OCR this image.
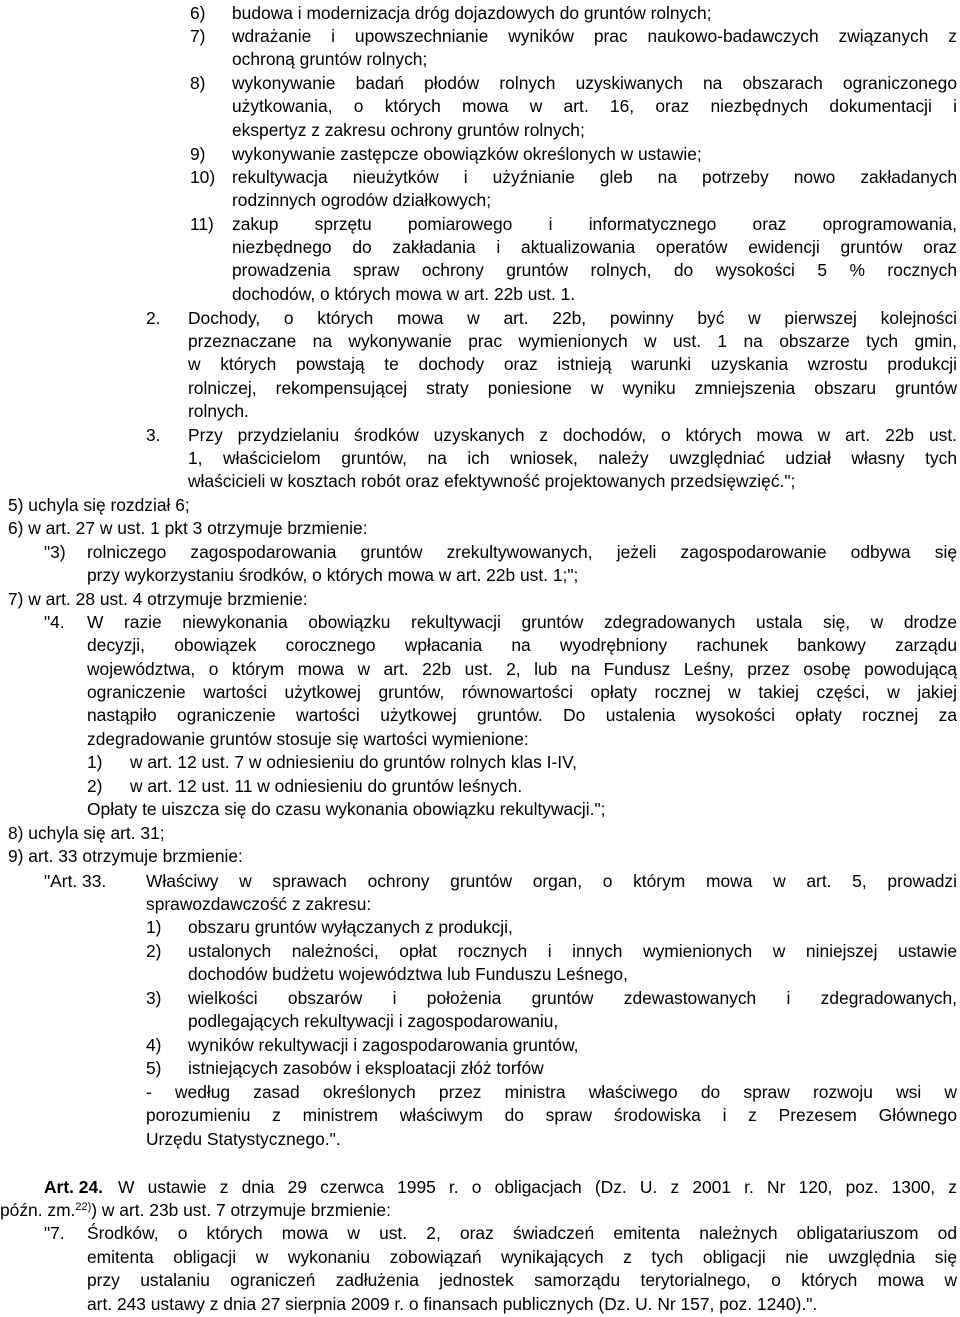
6) budowa i modernizacja dróg dojazdowych do gruntów rolnych;
7) wdrażanie i upowszechnianie wyników prac naukowo-badawczych związanych z
ochroną gruntów rolnych;
8) wykonywanie badań płodów rolnych uzyskiwanych na obszarach ograniczonego
użytkowania, o których mowa w art. 16, oraz niezbędnych dokumentacji i
ekspertyz z zakresu ochrony gruntów rolnych;
9) wykonywanie zastępcze obowiązków określonych w ustawie;
10) rekultywacja nieużytków i użyźnianie gleb na potrzeby nowo zakładanych
rodzinnych ogrodów działkowych;
11) zakup sprzętu pomiarowego i informatycznego oraz oprogramowania,
niezbędnego do zakładania i aktualizowania operatów ewidencji gruntów oraz
prowadzenia spraw ochrony gruntów rolnych, do wysokości 5 % rocznych
dochodów, o których mowa w art. 22b ust. 1.
2. Dochody, o których mowa w art. 22b, powinny być w pierwszej kolejności
przeznaczane na wykonywanie prac wymienionych w ust. 1 na obszarze tych gmin,
w których powstają te dochody oraz istnieją warunki uzyskania wzrostu produkcji
rolniczej, rekompensującej straty poniesione w wyniku zmniejszenia obszaru gruntów
rolnych.
3. Przy przydzielaniu środków uzyskanych z dochodów, o których mowa w art. 22b ust.
1, właścicielom gruntów, na ich wniosek, należy uwzględniać udział własny tych
właścicieli w kosztach robót oraz efektywność projektowanych przedsięwzięć.";
5) uchyla się rozdział 6;
6) w art. 27 w ust. 1 pkt 3 otrzymuje brzmienie:
"3) rolniczego zagospodarowania gruntów zrekultywowanych, jeżeli zagospodarowanie odbywa się
przy wykorzystaniu środków, o których mowa w art. 22b ust. 1;";
7) w art. 28 ust. 4 otrzymuje brzmienie:
"4. W razie niewykonania obowiązku rekultywacji gruntów zdegradowanych ustala się, w drodze
decyzji, obowiązek corocznego wpłacania na wyodrębniony rachunek bankowy zarządu
województwa, o którym mowa w art. 22b ust. 2, lub na Fundusz Leśny, przez osobę powodującą
ograniczenie wartości użytkowej gruntów, równowartości opłaty rocznej w takiej części, w jakiej
nastąpiło ograniczenie wartości użytkowej gruntów. Do ustalenia wysokości opłaty rocznej za
zdegradowanie gruntów stosuje się wartości wymienione:
1) w art. 12 ust. 7 w odniesieniu do gruntów rolnych klas I-IV,
2) w art. 12 ust. 11 w odniesieniu do gruntów leśnych.
Opłaty te uiszcza się do czasu wykonania obowiązku rekultywacji.";
8) uchyla się art. 31;
9) art. 33 otrzymuje brzmienie:
"Art. 33. Właściwy w sprawach ochrony gruntów organ, o którym mowa w art. 5, prowadzi
sprawozdawczość z zakresu:
1) obszaru gruntów wyłączanych z produkcji,
2) ustalonych należności, opłat rocznych i innych wymienionych w niniejszej ustawie
dochodów budżetu województwa lub Funduszu Leśnego,
3) wielkości obszarów i położenia gruntów zdewastowanych i zdegradowanych,
podlegających rekultywacji i zagospodarowaniu,
4) wyników rekultywacji i zagospodarowania gruntów,
5) istniejących zasobów i eksploatacji złóż torfów
- według zasad określonych przez ministra właściwego do spraw rozwoju wsi w
porozumieniu z ministrem właściwym do spraw środowiska i z Prezesem Głównego
Urzędu Statystycznego.".
Art. 24. W ustawie z dnia 29 czerwca 1995 r. o obligacjach (Dz. U. z 2001 r. Nr 120, poz. 1300, z
późn. zm.$^{22)}$) w art. 23b ust. 7 otrzymuje brzmienie:
"7. Środków, o których mowa w ust. 2, oraz świadczeń emitenta należnych obligatariuszom od
emitenta obligacji w wykonaniu zobowiązań wynikających z tych obligacji nie uwzględnia się
przy ustalaniu ograniczeń zadłużenia jednostek samorządu terytorialnego, o których mowa w
art. 243 ustawy z dnia 27 sierpnia 2009 r. o finansach publicznych (Dz. U. Nr 157, poz. 1240).".
